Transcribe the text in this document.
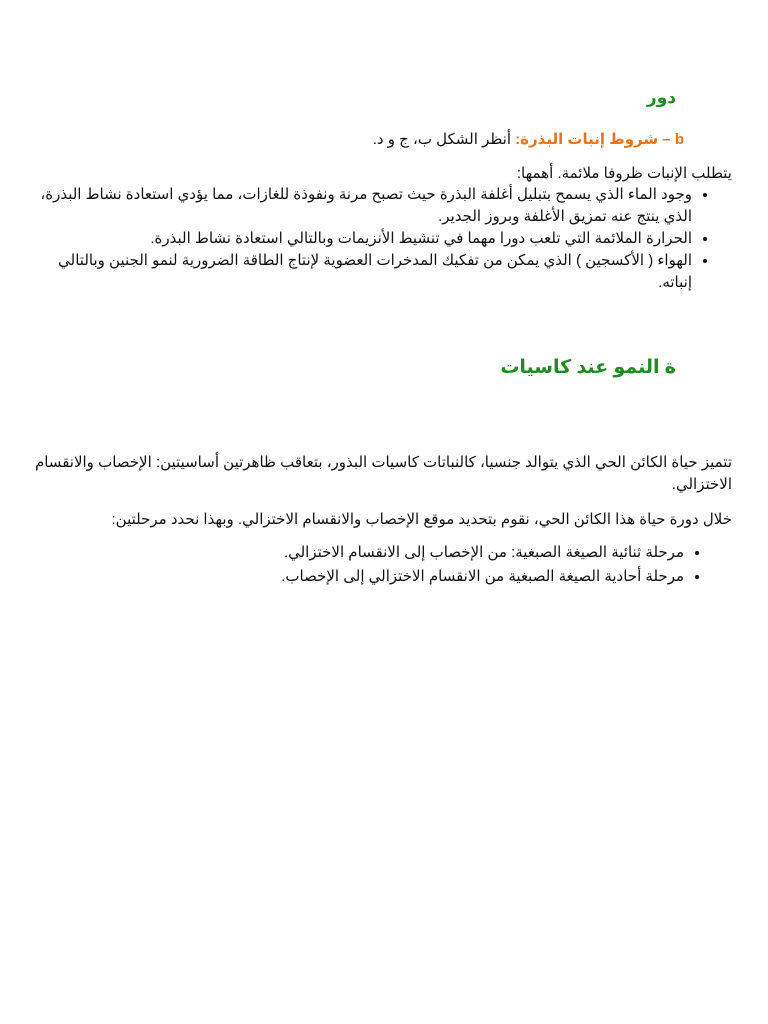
دور
b – شروط إنبات البذرة: أنظر الشكل ب، ج و د.
يتطلب الإنبات ظروفا ملائمة. أهمها:
• وجود الماء الذي يسمح بتبليل أغلفة البذرة حيث تصبح مرنة ونفوذة للغازات، مما يؤدي استعادة نشاط البذرة، الذي ينتج عنه تمزيق الأغلفة وبروز الجدير.
• الحرارة الملائمة التي تلعب دورا مهما في تنشيط الأنزيمات وبالتالي استعادة نشاط البذرة.
• الهواء ( الأكسجين ) الذي يمكن من تفكيك المدخرات العضوية لإنتاج الطاقة الضرورية لنمو الجنين وبالتالي إنباته.
ة النمو عند كاسيات

تتميز حياة الكائن الحي الذي يتوالد جنسيا، كالنباتات كاسيات البذور، بتعاقب ظاهرتين أساسيتين: الإخصاب والانقسام الاختزالي.

خلال دورة حياة هذا الكائن الحي، نقوم بتحديد موقع الإخصاب والانقسام الاختزالي. وبهذا نحدد مرحلتين:

• مرحلة ثنائية الصيغة الصبغية: من الإخصاب إلى الانقسام الاختزالي.
• مرحلة أحادية الصيغة الصبغية من الانقسام الاختزالي إلى الإخصاب.
